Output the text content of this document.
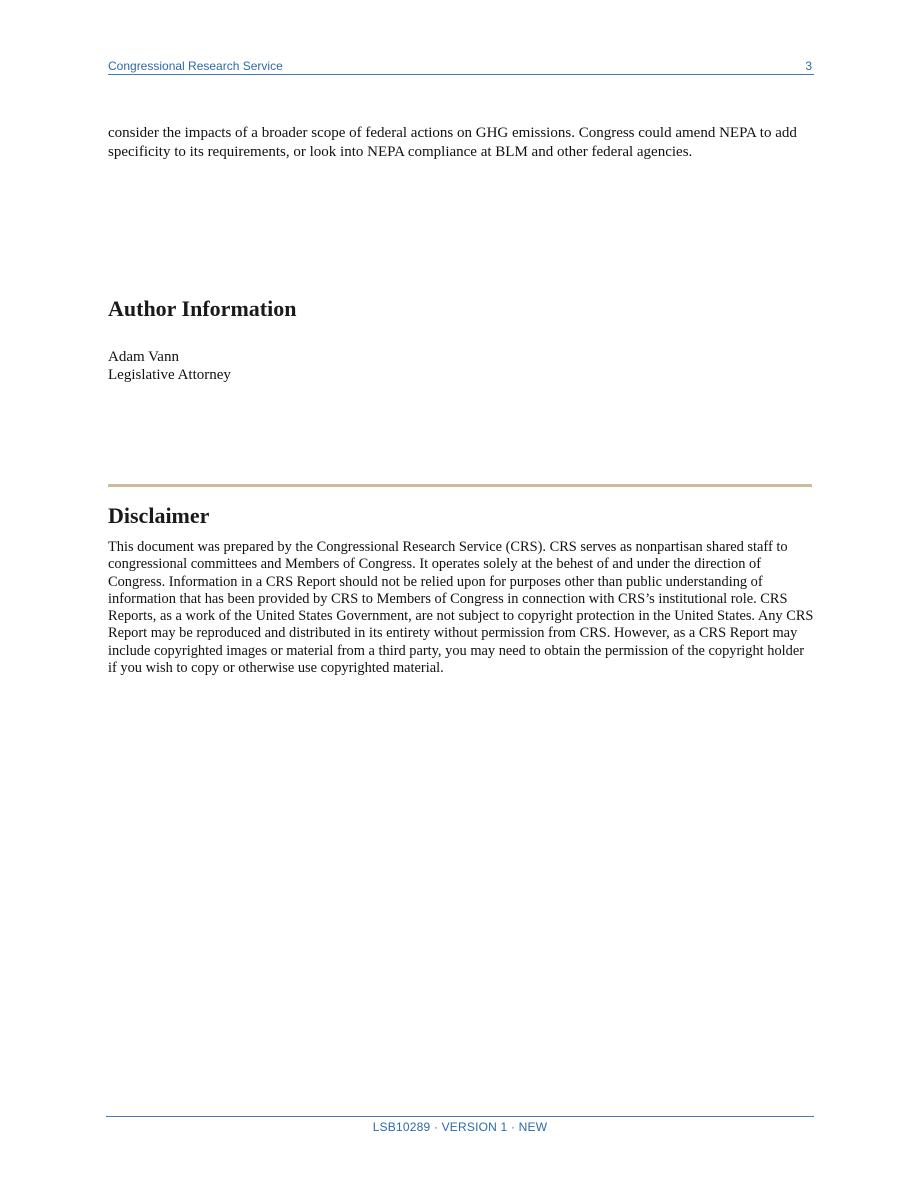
Congressional Research Service	3

consider the impacts of a broader scope of federal actions on GHG emissions. Congress could amend NEPA to add specificity to its requirements, or look into NEPA compliance at BLM and other federal agencies.

Author Information

Adam Vann

Legislative Attorney

Disclaimer

This document was prepared by the Congressional Research Service (CRS). CRS serves as nonpartisan shared staff to congressional committees and Members of Congress. It operates solely at the behest of and under the direction of Congress. Information in a CRS Report should not be relied upon for purposes other than public understanding of information that has been provided by CRS to Members of Congress in connection with CRS’s institutional role. CRS Reports, as a work of the United States Government, are not subject to copyright protection in the United States. Any CRS Report may be reproduced and distributed in its entirety without permission from CRS. However, as a CRS Report may include copyrighted images or material from a third party, you may need to obtain the permission of the copyright holder if you wish to copy or otherwise use copyrighted material.

LSB10289 · VERSION 1 · NEW
